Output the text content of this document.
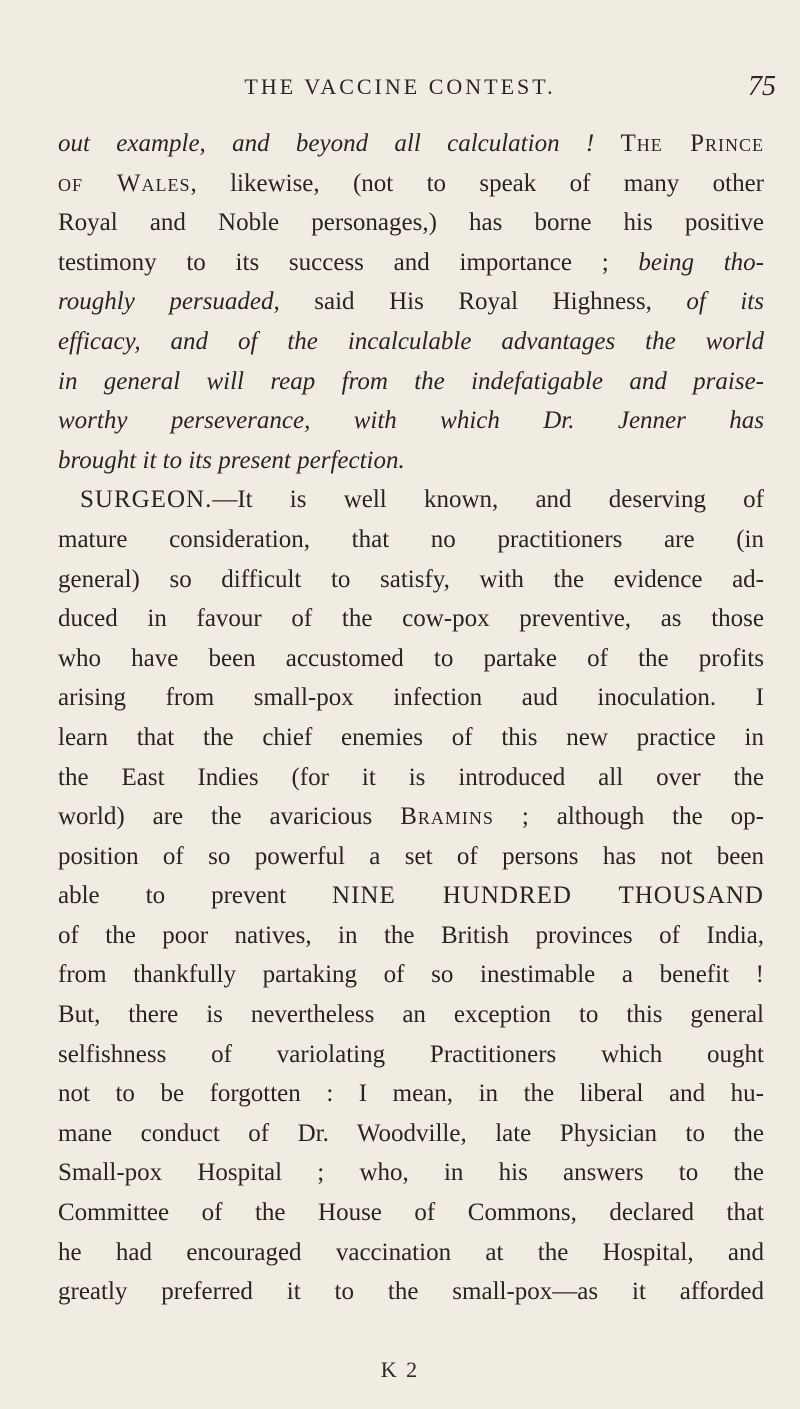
THE VACCINE CONTEST.	75
out example, and beyond all calculation ! The Prince
of Wales, likewise, (not to speak of many other
Royal and Noble personages,) has borne his positive
testimony to its success and importance ; being tho-
roughly persuaded, said His Royal Highness, of its
efficacy, and of the incalculable advantages the world
in general will reap from the indefatigable and praise-
worthy perseverance, with which Dr. Jenner has
brought it to its present perfection.
SURGEON.—It is well known, and deserving of
mature consideration, that no practitioners are (in
general) so difficult to satisfy, with the evidence ad-
duced in favour of the cow-pox preventive, as those
who have been accustomed to partake of the profits
arising from small-pox infection aud inoculation. I
learn that the chief enemies of this new practice in
the East Indies (for it is introduced all over the
world) are the avaricious Bramins ; although the op-
position of so powerful a set of persons has not been
able to prevent NINE HUNDRED THOUSAND
of the poor natives, in the British provinces of India,
from thankfully partaking of so inestimable a benefit !
But, there is nevertheless an exception to this general
selfishness of variolating Practitioners which ought
not to be forgotten : I mean, in the liberal and hu-
mane conduct of Dr. Woodville, late Physician to the
Small-pox Hospital ; who, in his answers to the
Committee of the House of Commons, declared that
he had encouraged vaccination at the Hospital, and
greatly preferred it to the small-pox—as it afforded
K 2
